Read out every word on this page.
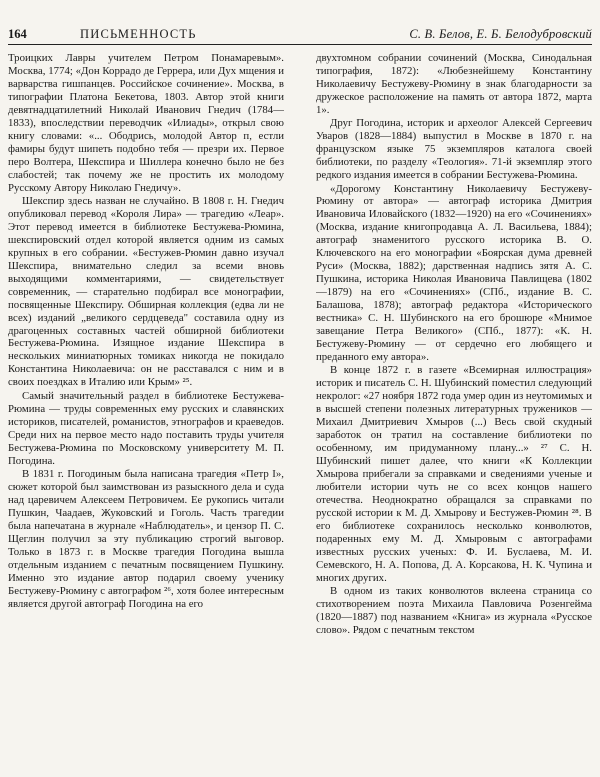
164	ПИСЬМЕННОСТЬ	С. В. Белов, Е. Б. Белодубровский

Троицких Лавры учителем Петром Понамаревым». Москва, 1774; «Дон Коррадо де Геррера, или Дух мщения и варварства гишпанцев. Российское сочинение». Москва, в типографии Платона Бекетова, 1803. Автор этой книги девятнадцатилетний Николай Иванович Гнедич (1784—1833), впоследствии переводчик «Илиады», открыл свою книгу словами: «... Ободрись, молодой Автор п, естли фамиры будут шипеть подобно тебя — презри их. Первое перо Волтера, Шекспира и Шиллера конечно было не без слабостей; так почему же не простить их молодому Русскому Автору Николаю Гнедичу».

Шекспир здесь назван не случайно. В 1808 г. Н. Гнедич опубликовал перевод «Короля Лира» — трагедию «Леар». Этот перевод имеется в библиотеке Бестужева-Рюмина, шекспировский отдел которой является одним из самых крупных в его собрании. «Бестужев-Рюмин давно изучал Шекспира, внимательно следил за всеми вновь выходящими комментариями, — свидетельствует современник, — старательно подбирал все монографии, посвященные Шекспиру. Обширная коллекция (едва ли не всех) изданий „великого сердцеведа" составила одну из драгоценных составных частей обширной библиотеки Бестужева-Рюмина. Изящное издание Шекспира в нескольких миниатюрных томиках никогда не покидало Константина Николаевича: он не расставался с ним и в своих поездках в Италию или Крым» ²⁵.

Самый значительный раздел в библиотеке Бестужева-Рюмина — труды современных ему русских и славянских историков, писателей, романистов, этнографов и краеведов. Среди них на первое место надо поставить труды учителя Бестужева-Рюмина по Московскому университету М. П. Погодина.

В 1831 г. Погодиным была написана трагедия «Петр I», сюжет которой был заимствован из разыскного дела и суда над царевичем Алексеем Петровичем. Ее рукопись читали Пушкин, Чаадаев, Жуковский и Гоголь. Часть трагедии была напечатана в журнале «Наблюдатель», и цензор П. С. Щеглин получил за эту публикацию строгий выговор. Только в 1873 г. в Москве трагедия Погодина вышла отдельным изданием с печатным посвящением Пушкину. Именно это издание автор подарил своему ученику Бестужеву-Рюмину с автографом ²⁶, хотя более интересным является другой автограф Погодина на его

двухтомном собрании сочинений (Москва, Синодальная типография, 1872): «Любезнейшему Константину Николаевичу Бестужеву-Рюмину в знак благодарности за дружеское расположение на память от автора 1872, марта 1».

Друг Погодина, историк и археолог Алексей Сергеевич Уваров (1828—1884) выпустил в Москве в 1870 г. на французском языке 75 экземпляров каталога своей библиотеки, по разделу «Теология». 71-й экземпляр этого редкого издания имеется в собрании Бестужева-Рюмина.

«Дорогому Константину Николаевичу Бестужеву-Рюмину от автора» — автограф историка Дмитрия Ивановича Иловайского (1832—1920) на его «Сочинениях» (Москва, издание книгопродавца А. Л. Васильева, 1884); автограф знаменитого русского историка В. О. Ключевского на его монографии «Боярская дума древней Руси» (Москва, 1882); дарственная надпись зятя А. С. Пушкина, историка Николая Ивановича Павлищева (1802—1879) на его «Сочинениях» (СПб., издание В. С. Балашова, 1878); автограф редактора «Исторического вестника» С. Н. Шубинского на его брошюре «Мнимое завещание Петра Великого» (СПб., 1877): «К. Н. Бестужеву-Рюмину — от сердечно его любящего и преданного ему автора».

В конце 1872 г. в газете «Всемирная иллюстрация» историк и писатель С. Н. Шубинский поместил следующий некролог: «27 ноября 1872 года умер один из неутомимых и в высшей степени полезных литературных тружеников — Михаил Дмитриевич Хмыров (...) Весь свой скудный заработок он тратил на составление библиотеки по особенному, им придуманному плану...» ²⁷ С. Н. Шубинский пишет далее, что книги «К Коллекции Хмырова прибегали за справками и сведениями ученые и любители истории чуть не со всех концов нашего отечества. Неоднократно обращался за справками по русской истории к М. Д. Хмырову и Бестужев-Рюмин ²⁸. В его библиотеке сохранилось несколько конволютов, подаренных ему М. Д. Хмыровым с автографами известных русских ученых: Ф. И. Буслаева, М. И. Семевского, Н. А. Попова, Д. А. Корсакова, Н. К. Чупина и многих других.

В одном из таких конволютов вклеена страница со стихотворением поэта Михаила Павловича Розенгейма (1820—1887) под названием «Книга» из журнала «Русское слово». Рядом с печатным текстом
